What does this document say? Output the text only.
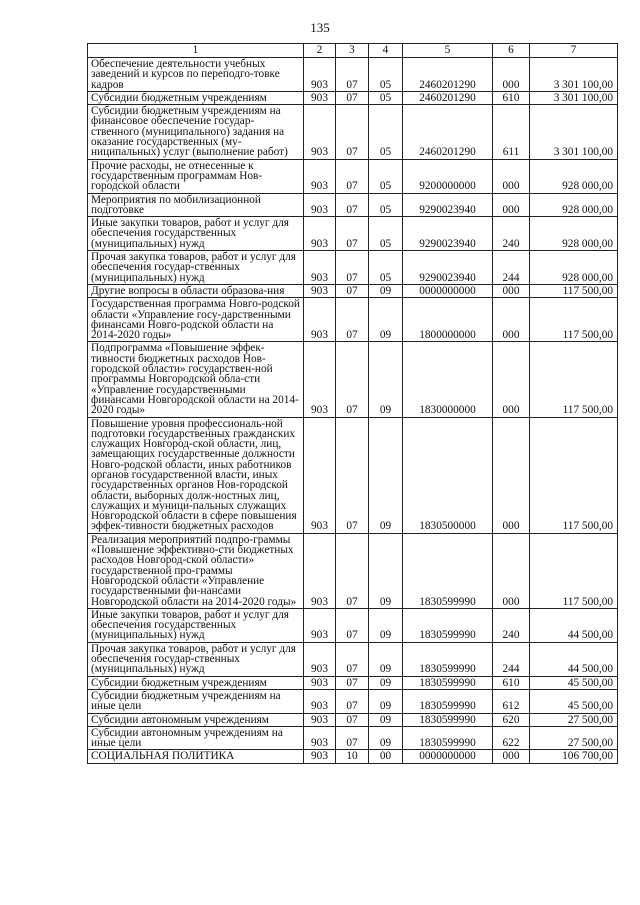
135
1	2	3	4	5	6	7
Обеспечение деятельности учебных заведений и курсов по переподго-товке кадров	903	07	05	2460201290	000	3 301 100,00
Субсидии бюджетным учреждениям	903	07	05	2460201290	610	3 301 100,00
Субсидии бюджетным учреждениям на финансовое обеспечение государ-ственного (муниципального) задания на оказание государственных (му-ниципальных) услуг (выполнение работ)	903	07	05	2460201290	611	3 301 100,00
Прочие расходы, не отнесенные к государственным программам Нов-городской области	903	07	05	9200000000	000	928 000,00
Мероприятия по мобилизационной подготовке	903	07	05	9290023940	000	928 000,00
Иные закупки товаров, работ и услуг для обеспечения государственных (муниципальных) нужд	903	07	05	9290023940	240	928 000,00
Прочая закупка товаров, работ и услуг для обеспечения государ-ственных (муниципальных) нужд	903	07	05	9290023940	244	928 000,00
Другие вопросы в области образова-ния	903	07	09	0000000000	000	117 500,00
Государственная программа Новго-родской области «Управление госу-дарственными финансами Новго-родской области на 2014-2020 годы»	903	07	09	1800000000	000	117 500,00
Подпрограмма «Повышение эффек-тивности бюджетных расходов Нов-городской области» государствен-ной программы Новгородской обла-сти «Управление государственными финансами Новгородской области на 2014-2020 годы»	903	07	09	1830000000	000	117 500,00
Повышение уровня профессиональ-ной подготовки государственных гражданских служащих Новгород-ской области, лиц, замещающих государственные должности Новго-родской области, иных работников органов государственной власти, иных государственных органов Нов-городской области, выборных долж-ностных лиц, служащих и муници-пальных служащих Новгородской области в сфере повышения эффек-тивности бюджетных расходов	903	07	09	1830500000	000	117 500,00
Реализация мероприятий подпро-граммы «Повышение эффективно-сти бюджетных расходов Новгород-ской области» государственной про-граммы Новгородской области «Управление государственными фи-нансами Новгородской области на 2014-2020 годы»	903	07	09	1830599990	000	117 500,00
Иные закупки товаров, работ и услуг для обеспечения государственных (муниципальных) нужд	903	07	09	1830599990	240	44 500,00
Прочая закупка товаров, работ и услуг для обеспечения государ-ственных (муниципальных) нужд	903	07	09	1830599990	244	44 500,00
Субсидии бюджетным учреждениям	903	07	09	1830599990	610	45 500,00
Субсидии бюджетным учреждениям на иные цели	903	07	09	1830599990	612	45 500,00
Субсидии автономным учреждениям	903	07	09	1830599990	620	27 500,00
Субсидии автономным учреждениям на иные цели	903	07	09	1830599990	622	27 500,00
СОЦИАЛЬНАЯ ПОЛИТИКА	903	10	00	0000000000	000	106 700,00
